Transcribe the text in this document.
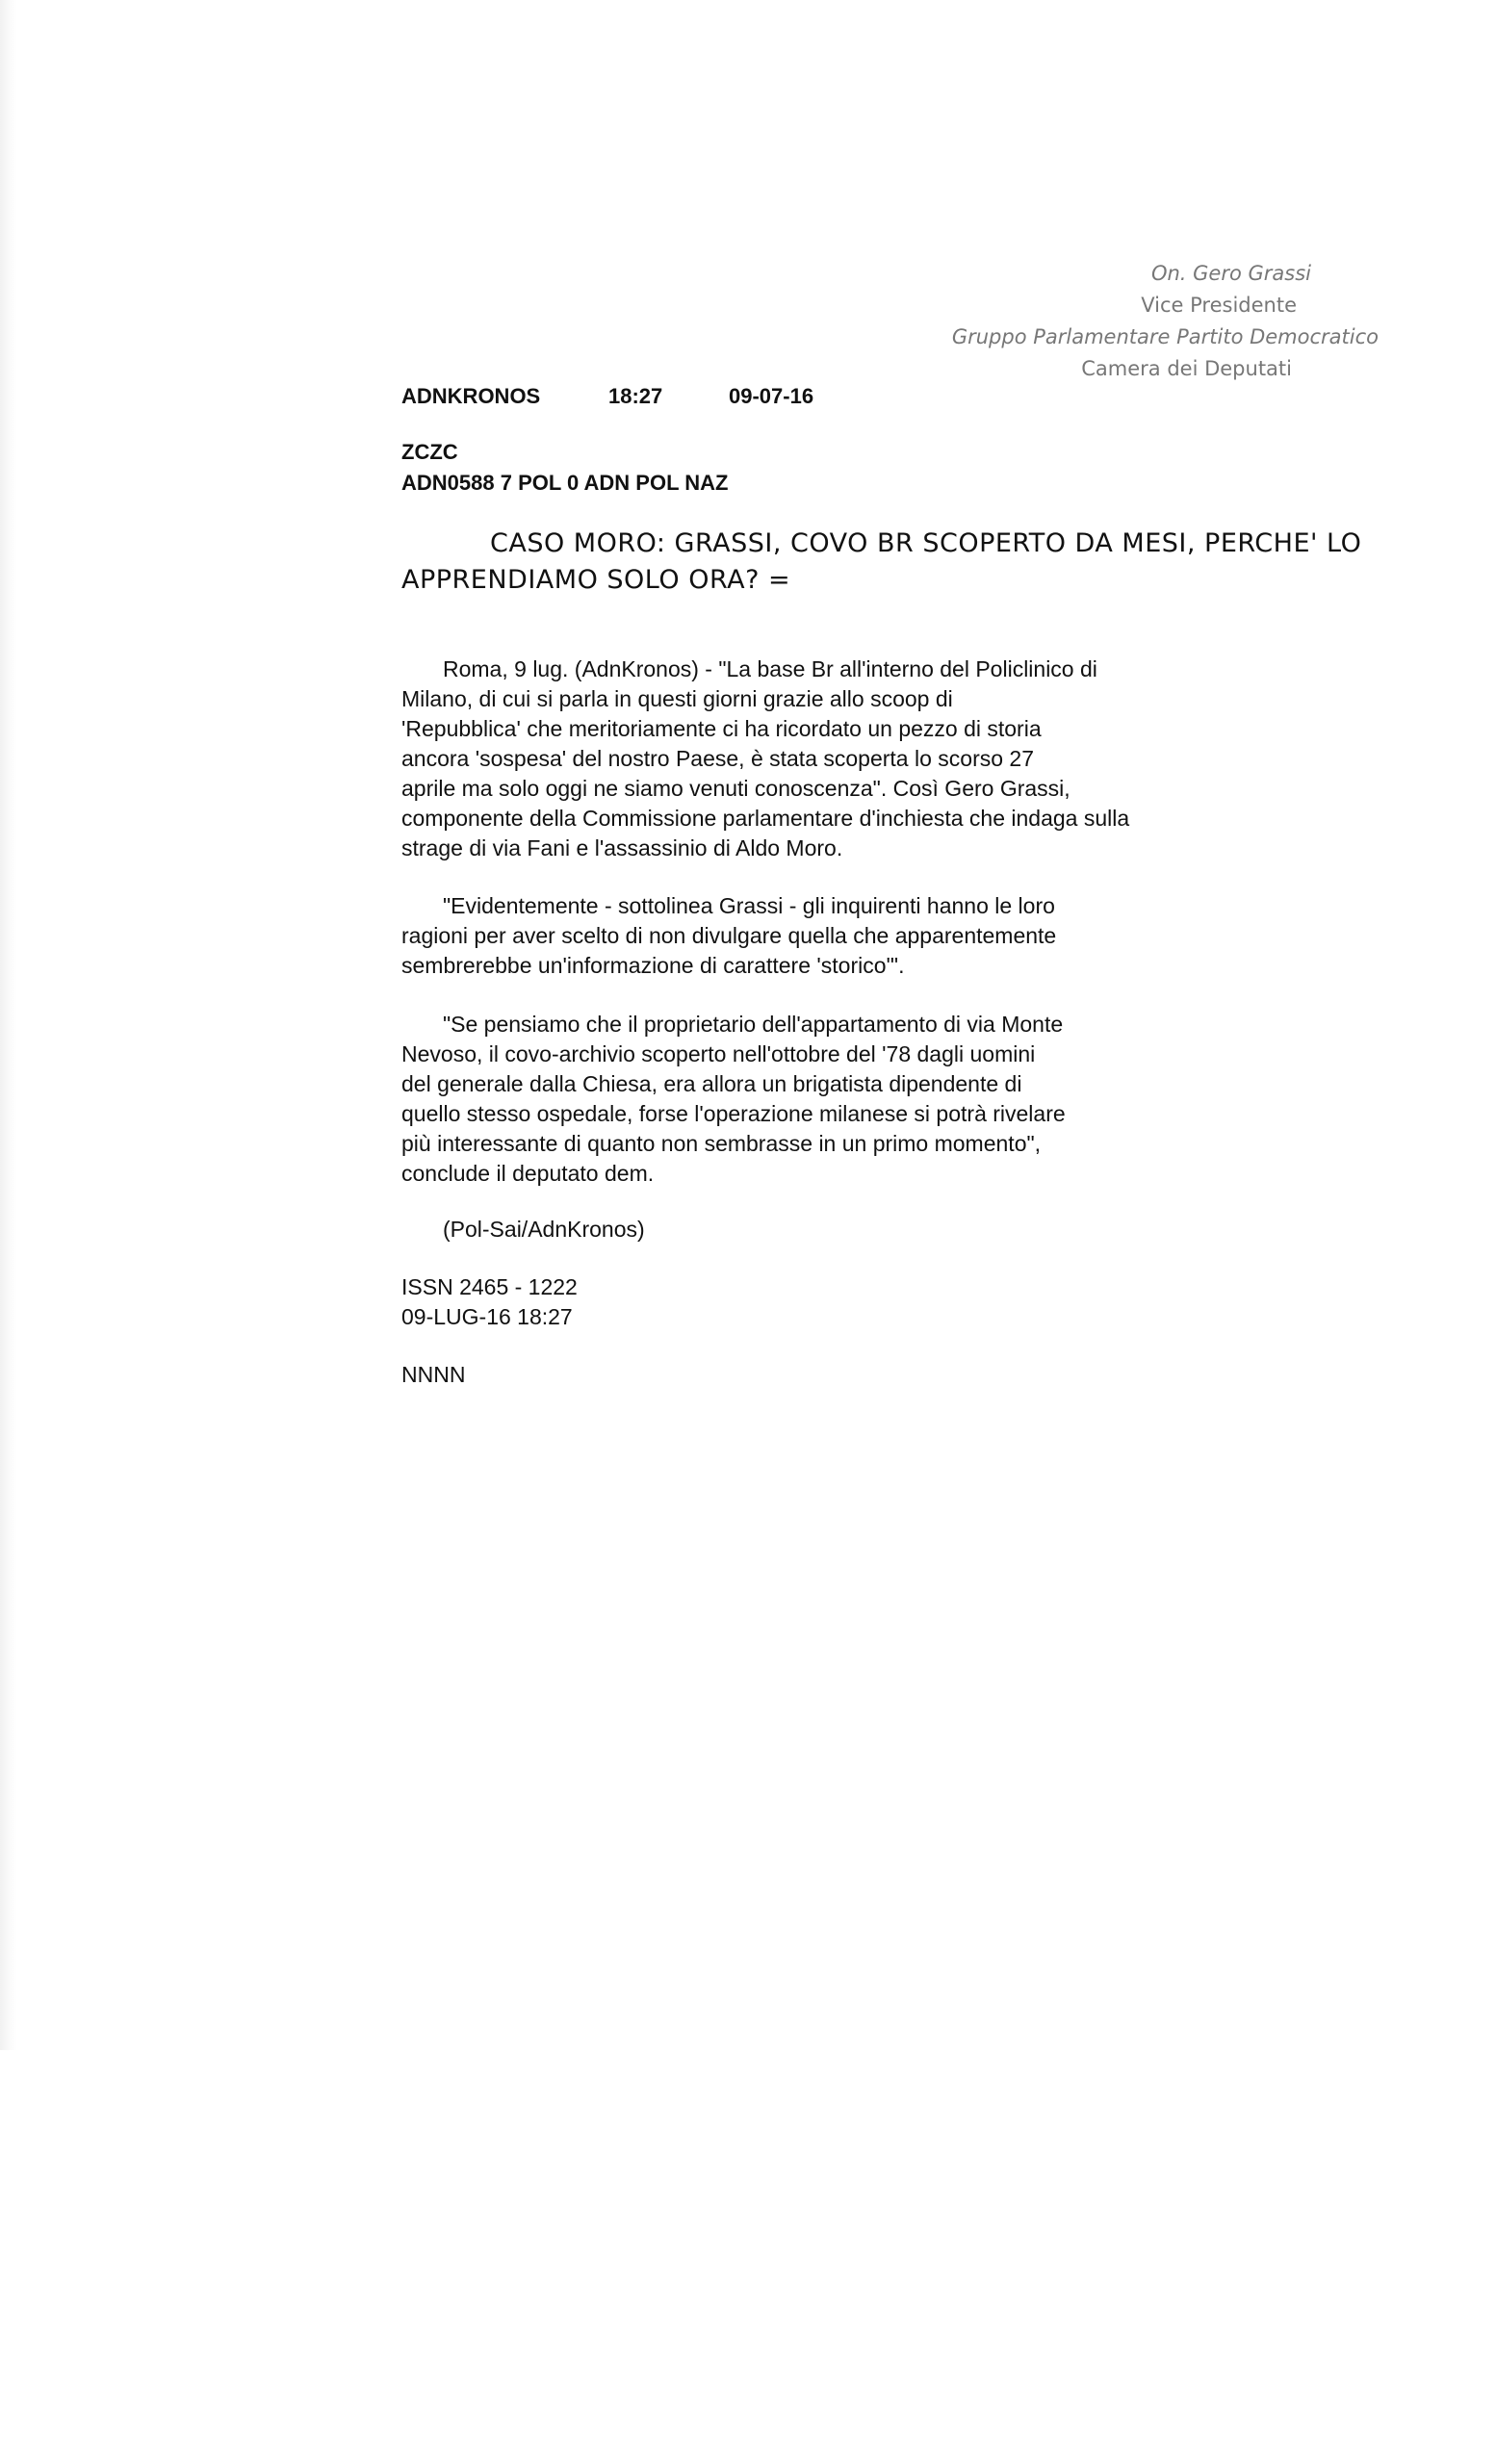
On. Gero Grassi
Vice Presidente
Gruppo Parlamentare Partito Democratico
Camera dei Deputati
ADNKRONOS	18:27	09-07-16
ZCZC
ADN0588 7 POL 0 ADN POL NAZ
CASO MORO: GRASSI, COVO BR SCOPERTO DA MESI, PERCHE' LO
APPRENDIAMO SOLO ORA? =

Roma, 9 lug. (AdnKronos) - "La base Br all'interno del Policlinico di

Milano, di cui si parla in questi giorni grazie allo scoop di

'Repubblica' che meritoriamente ci ha ricordato un pezzo di storia

ancora 'sospesa' del nostro Paese, è stata scoperta lo scorso 27

aprile ma solo oggi ne siamo venuti conoscenza". Così Gero Grassi,

componente della Commissione parlamentare d'inchiesta che indaga sulla

strage di via Fani e l'assassinio di Aldo Moro.

"Evidentemente - sottolinea Grassi - gli inquirenti hanno le loro

ragioni per aver scelto di non divulgare quella che apparentemente

sembrerebbe un'informazione di carattere 'storico'".

"Se pensiamo che il proprietario dell'appartamento di via Monte

Nevoso, il covo-archivio scoperto nell'ottobre del '78 dagli uomini

del generale dalla Chiesa, era allora un brigatista dipendente di

quello stesso ospedale, forse l'operazione milanese si potrà rivelare

più interessante di quanto non sembrasse in un primo momento",

conclude il deputato dem.

(Pol-Sai/AdnKronos)

ISSN 2465 - 1222

09-LUG-16 18:27

NNNN
